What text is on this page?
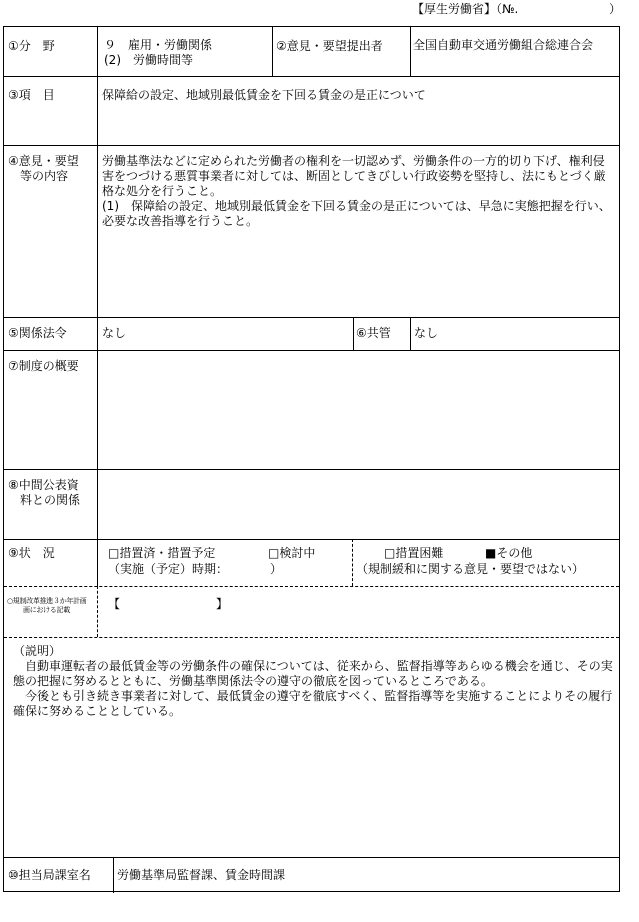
【厚生労働省】（№.	）
①分　野	９　雇用・労働関係
(2)　労働時間等
②意見・要望提出者	全国自動車交通労働組合総連合会
③項　目	保障給の設定、地域別最低賃金を下回る賃金の是正について
④意見・要望
等の内容
労働基準法などに定められた労働者の権利を一切認めず、労働条件の一方的切り下げ、権利侵害をつづける悪質事業者に対しては、断固としてきびしい行政姿勢を堅持し、法にもとづく厳格な処分を行うこと。
(1)　保障給の設定、地域別最低賃金を下回る賃金の是正については、早急に実態把握を行い、必要な改善指導を行うこと。
⑤関係法令	なし	⑥共管 なし
⑦制度の概要
⑧中間公表資
料との関係
⑨状　況	□措置済・措置予定
（実施（予定）時期：　　　　）
□検討中	□措置困難	■その他
（規制緩和に関する意見・要望ではない）
○規制改革推進３か年計画
画における記載	【　　　　　　　　】
（説明）

自動車運転者の最低賃金等の労働条件の確保については、従来から、監督指導等あらゆる機会を通じ、その実態の把握に努めるとともに、労働基準関係法令の遵守の徹底を図っているところである。

今後とも引き続き事業者に対して、最低賃金の遵守を徹底すべく、監督指導等を実施することによりその履行確保に努めることとしている。

⑩担当局課室名 労働基準局監督課、賃金時間課
